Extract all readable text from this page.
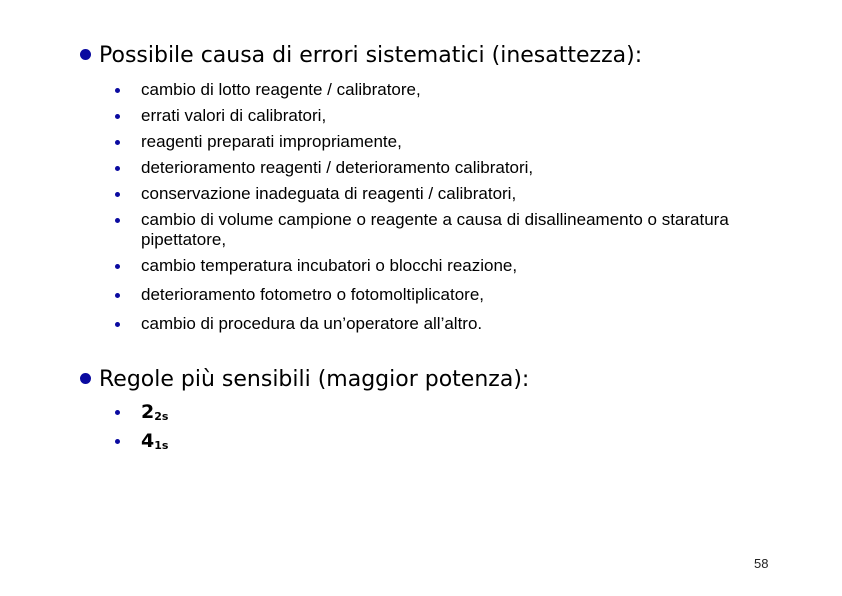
Possibile causa di errori sistematici (inesattezza):
cambio di lotto reagente / calibratore,
errati valori di calibratori,
reagenti preparati impropriamente,
deterioramento reagenti / deterioramento calibratori,
conservazione inadeguata di reagenti / calibratori,
cambio di volume campione o reagente a causa di disallineamento o staratura pipettatore,
cambio temperatura incubatori o blocchi reazione,
deterioramento fotometro o fotomoltiplicatore,
cambio di procedura da un’operatore all’altro.
Regole più sensibili (maggior potenza):
$2_{2s}$
$4_{1s}$
58
